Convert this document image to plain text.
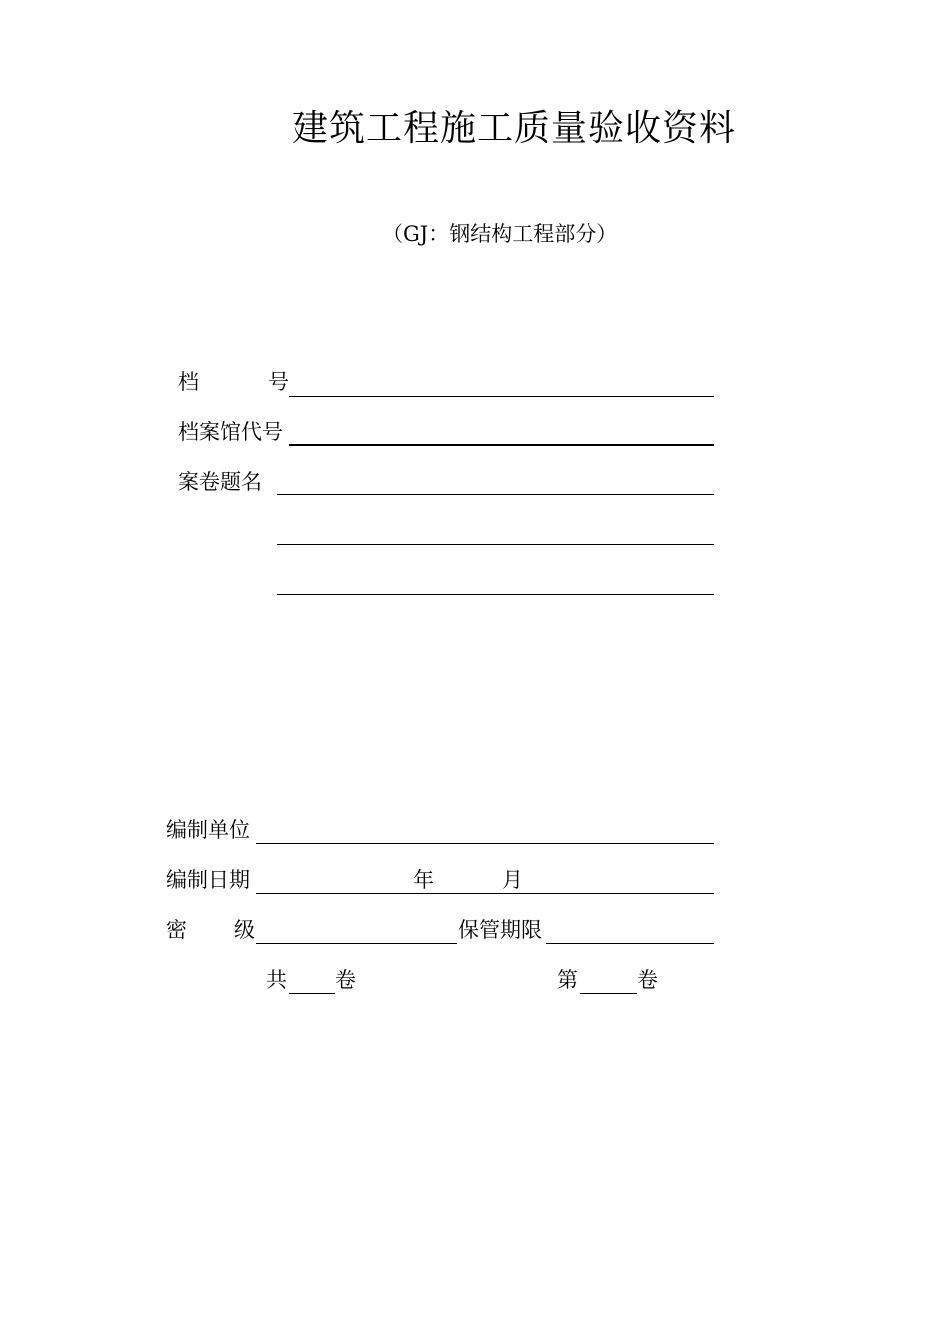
建筑工程施工质量验收资料
（GJ：钢结构工程部分）
档	号
档案馆代号
案卷题名
编制单位
编制日期	年	月
密 级	保管期限
共 卷	第	卷
